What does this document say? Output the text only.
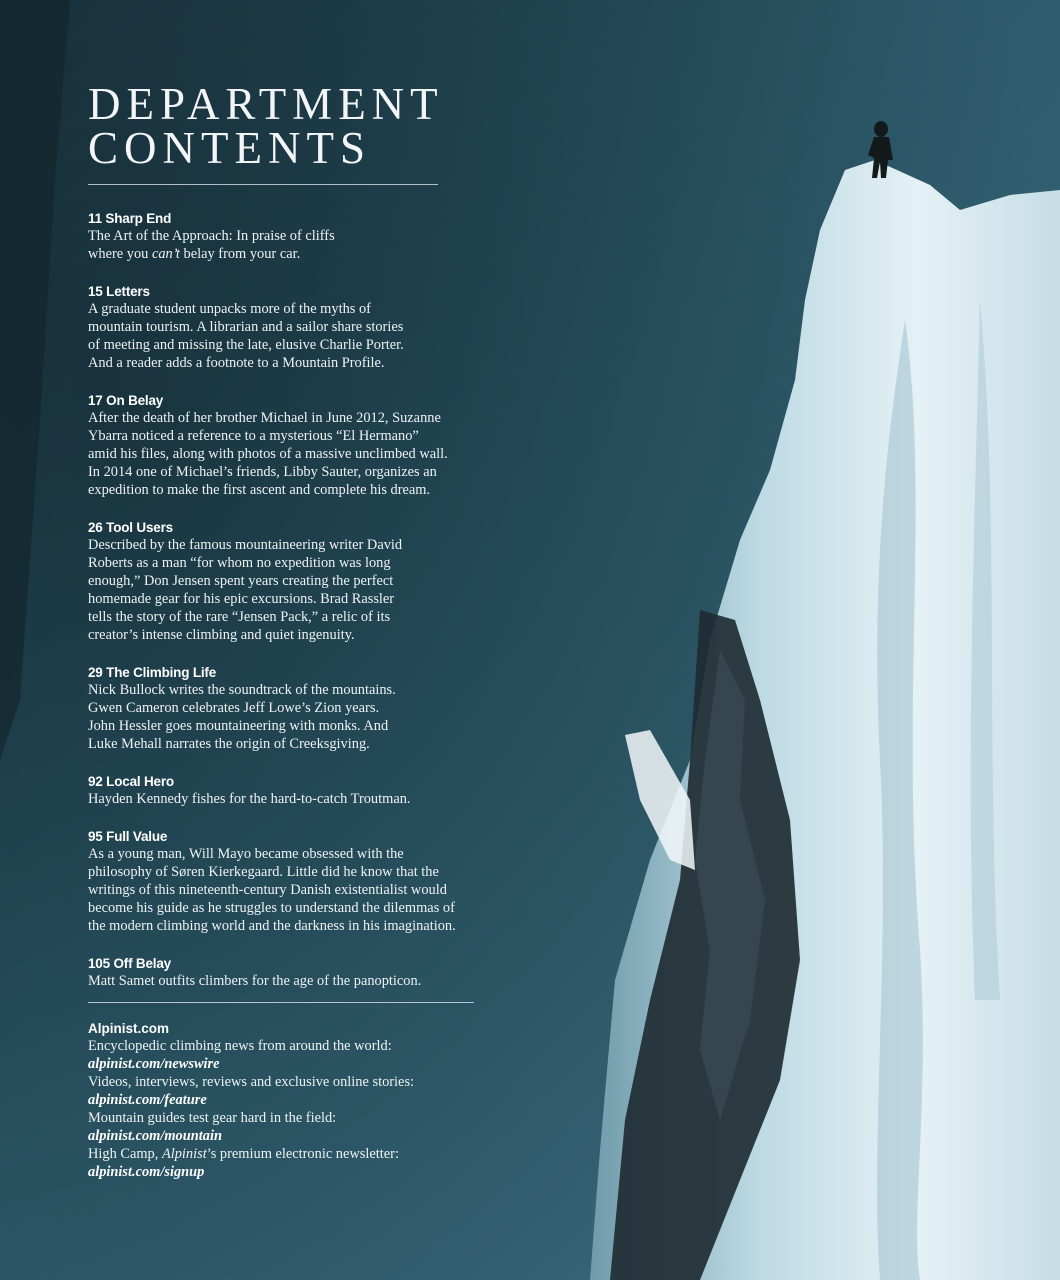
DEPARTMENT
CONTENTS
11 Sharp End
The Art of the Approach: In praise of cliffs
where you can’t belay from your car.
15 Letters
A graduate student unpacks more of the myths of
mountain tourism. A librarian and a sailor share stories
of meeting and missing the late, elusive Charlie Porter.
And a reader adds a footnote to a Mountain Profile.
17 On Belay
After the death of her brother Michael in June 2012, Suzanne
Ybarra noticed a reference to a mysterious “El Hermano”
amid his files, along with photos of a massive unclimbed wall.
In 2014 one of Michael’s friends, Libby Sauter, organizes an
expedition to make the first ascent and complete his dream.
26 Tool Users
Described by the famous mountaineering writer David
Roberts as a man “for whom no expedition was long
enough,” Don Jensen spent years creating the perfect
homemade gear for his epic excursions. Brad Rassler
tells the story of the rare “Jensen Pack,” a relic of its
creator’s intense climbing and quiet ingenuity.
29 The Climbing Life
Nick Bullock writes the soundtrack of the mountains.
Gwen Cameron celebrates Jeff Lowe’s Zion years.
John Hessler goes mountaineering with monks. And
Luke Mehall narrates the origin of Creeksgiving.
92 Local Hero
Hayden Kennedy fishes for the hard-to-catch Troutman.
95 Full Value
As a young man, Will Mayo became obsessed with the
philosophy of Søren Kierkegaard. Little did he know that the
writings of this nineteenth-century Danish existentialist would
become his guide as he struggles to understand the dilemmas of
the modern climbing world and the darkness in his imagination.
105 Off Belay
Matt Samet outfits climbers for the age of the panopticon.
Alpinist.com
Encyclopedic climbing news from around the world:
alpinist.com/newswire
Videos, interviews, reviews and exclusive online stories:
alpinist.com/feature
Mountain guides test gear hard in the field:
alpinist.com/mountain
High Camp, Alpinist’s premium electronic newsletter:
alpinist.com/signup
